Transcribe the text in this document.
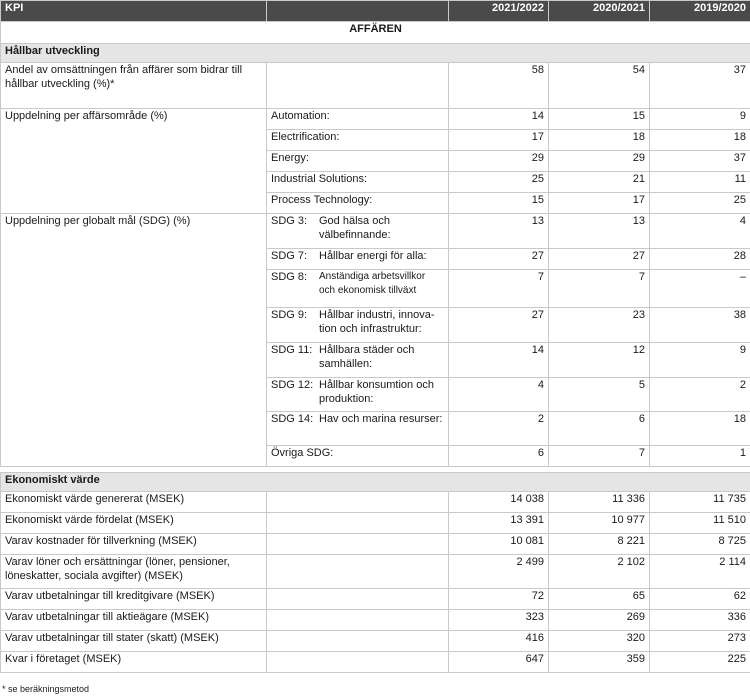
KPI		2021/2022	2020/2021	2019/2020
AFFÄREN				
Hållbar utveckling				
Andel av omsättningen från affärer som bidrar till hållbar utveckling (%)*		58	54	37
Uppdelning per affärsområde (%)	Automation:	14	15	9
	Electrification:	17	18	18
	Energy:	29	29	37
	Industrial Solutions:	25	21	11
	Process Technology:	15	17	25
Uppdelning per globalt mål (SDG) (%)	SDG 3: God hälsa och välbefinnande:	13	13	4

	SDG 7: Hållbar energi för alla:	27	27	28

	SDG 8: Anständiga arbetsvillkor och ekonomisk tillväxt	7	7	–

	SDG 9: Hållbar industri, innovation och infrastruktur:	27	23	38

	SDG 11: Hållbara städer och samhällen:	14	12	9

	SDG 12: Hållbar konsumtion och produktion:	4	5	2

	SDG 14: Hav och marina resurser:	2	6	18
	Övriga SDG:	6	7	1

Ekonomiskt värde				
Ekonomiskt värde genererat (MSEK)		14 038	11 336	11 735
Ekonomiskt värde fördelat (MSEK)		13 391	10 977	11 510
Varav kostnader för tillverkning (MSEK)		10 081	8 221	8 725
Varav löner och ersättningar (löner, pensioner, löneskatter, sociala avgifter) (MSEK)		2 499	2 102	2 114
Varav utbetalningar till kreditgivare (MSEK)		72	65	62
Varav utbetalningar till aktieägare (MSEK)		323	269	336
Varav utbetalningar till stater (skatt) (MSEK)		416	320	273
Kvar i företaget (MSEK)		647	359	225
* se beräkningsmetod
